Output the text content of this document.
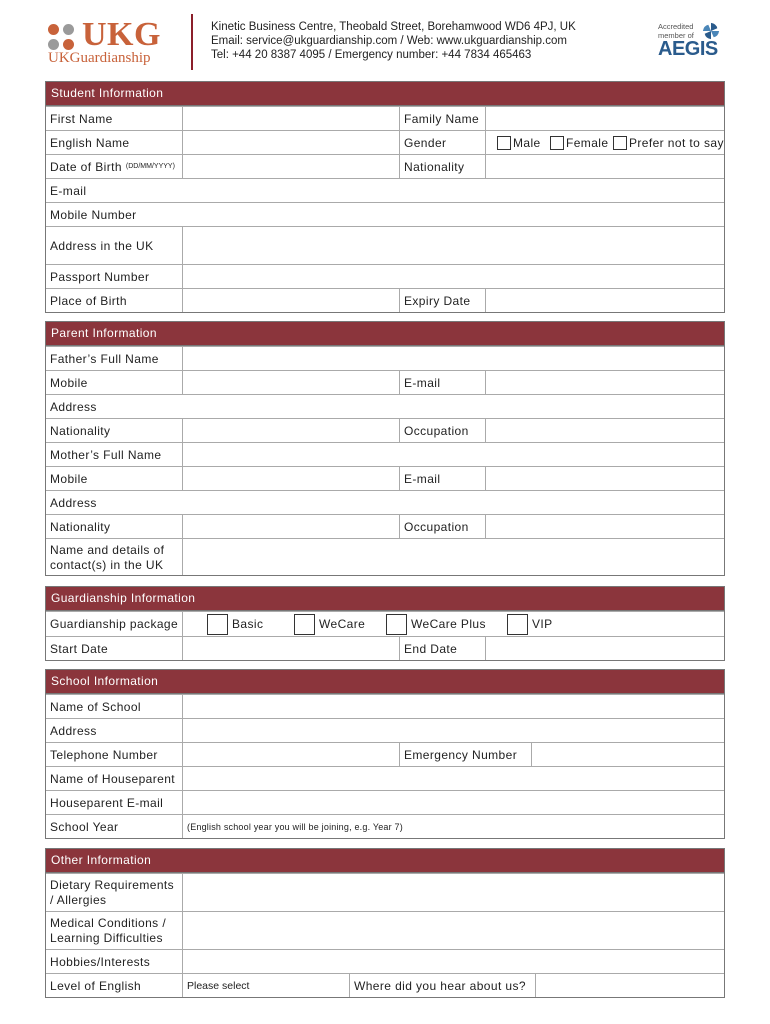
UKG
UKGuardianship
Kinetic Business Centre, Theobald Street, Borehamwood WD6 4PJ, UK
Email: service@ukguardianship.com / Web: www.ukguardianship.com
Tel: +44 20 8387 4095 / Emergency number: +44 7834 465463
Accredited
member of
AEGIS
Student Information
First Name	Family Name
English Name	Gender	Male Female Prefer not to say
Date of Birth (DD/MM/YYYY)	Nationality
E-mail
Mobile Number
Address in the UK
Passport Number
Place of Birth	Expiry Date
Parent Information
Father’s Full Name
Mobile	E-mail
Address
Nationality	Occupation
Mother’s Full Name
Mobile	E-mail
Address
Nationality	Occupation
Name and details of
contact(s) in the UK
Guardianship Information
Guardianship package	Basic	WeCare	WeCare Plus	VIP
Start Date	End Date
School Information
Name of School
Address
Telephone Number	Emergency Number
Name of Houseparent
Houseparent E-mail
School Year	(English school year you will be joining, e.g. Year 7)
Other Information
Dietary Requirements
/ Allergies
Medical Conditions /
Learning Difficulties
Hobbies/Interests
Level of English	Please select	Where did you hear about us?
